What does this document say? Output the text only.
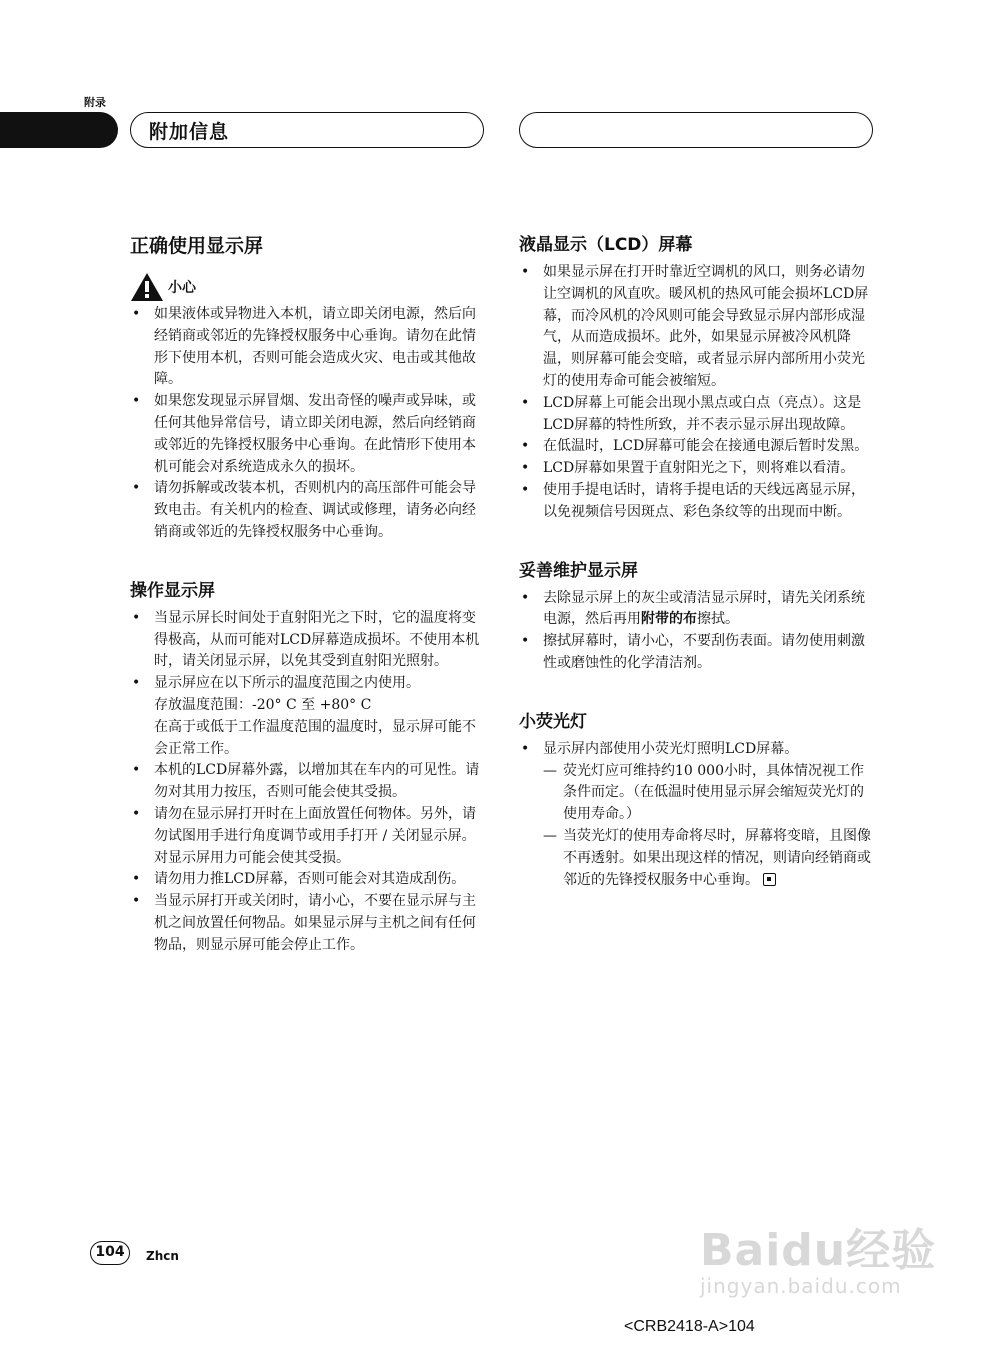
附录
附加信息
正确使用显示屏
小心
• 如果液体或异物进入本机，请立即关闭电源，然后向经销商或邻近的先锋授权服务中心垂询。请勿在此情形下使用本机，否则可能会造成火灾、电击或其他故障。
• 如果您发现显示屏冒烟、发出奇怪的噪声或异味，或任何其他异常信号，请立即关闭电源，然后向经销商或邻近的先锋授权服务中心垂询。在此情形下使用本机可能会对系统造成永久的损坏。
• 请勿拆解或改装本机，否则机内的高压部件可能会导致电击。有关机内的检查、调试或修理，请务必向经销商或邻近的先锋授权服务中心垂询。
操作显示屏
• 当显示屏长时间处于直射阳光之下时，它的温度将变得极高，从而可能对LCD屏幕造成损坏。不使用本机时，请关闭显示屏，以免其受到直射阳光照射。
• 显示屏应在以下所示的温度范围之内使用。
存放温度范围：-20° C 至 +80° C
在高于或低于工作温度范围的温度时，显示屏可能不会正常工作。
• 本机的LCD屏幕外露，以增加其在车内的可见性。请勿对其用力按压，否则可能会使其受损。
• 请勿在显示屏打开时在上面放置任何物体。另外，请勿试图用手进行角度调节或用手打开 / 关闭显示屏。对显示屏用力可能会使其受损。
• 请勿用力推LCD屏幕，否则可能会对其造成刮伤。
• 当显示屏打开或关闭时，请小心，不要在显示屏与主机之间放置任何物品。如果显示屏与主机之间有任何物品，则显示屏可能会停止工作。
液晶显示（LCD）屏幕
• 如果显示屏在打开时靠近空调机的风口，则务必请勿让空调机的风直吹。暖风机的热风可能会损坏LCD屏幕，而冷风机的冷风则可能会导致显示屏内部形成湿气，从而造成损坏。此外，如果显示屏被冷风机降温，则屏幕可能会变暗，或者显示屏内部所用小荧光灯的使用寿命可能会被缩短。
• LCD屏幕上可能会出现小黑点或白点（亮点）。这是LCD屏幕的特性所致，并不表示显示屏出现故障。
• 在低温时，LCD屏幕可能会在接通电源后暂时发黑。
• LCD屏幕如果置于直射阳光之下，则将难以看清。
• 使用手提电话时，请将手提电话的天线远离显示屏，以免视频信号因斑点、彩色条纹等的出现而中断。
妥善维护显示屏
• 去除显示屏上的灰尘或清洁显示屏时，请先关闭系统电源，然后再用附带的布擦拭。
• 擦拭屏幕时，请小心，不要刮伤表面。请勿使用刺激性或磨蚀性的化学清洁剂。
小荧光灯
• 显示屏内部使用小荧光灯照明LCD屏幕。
— 荧光灯应可维持约10 000小时，具体情况视工作条件而定。（在低温时使用显示屏会缩短荧光灯的使用寿命。）
— 当荧光灯的使用寿命将尽时，屏幕将变暗，且图像不再透射。如果出现这样的情况，则请向经销商或邻近的先锋授权服务中心垂询。
104	Zhcn
<CRB2418-A>104
Baidu经验
jingyan.baidu.com
